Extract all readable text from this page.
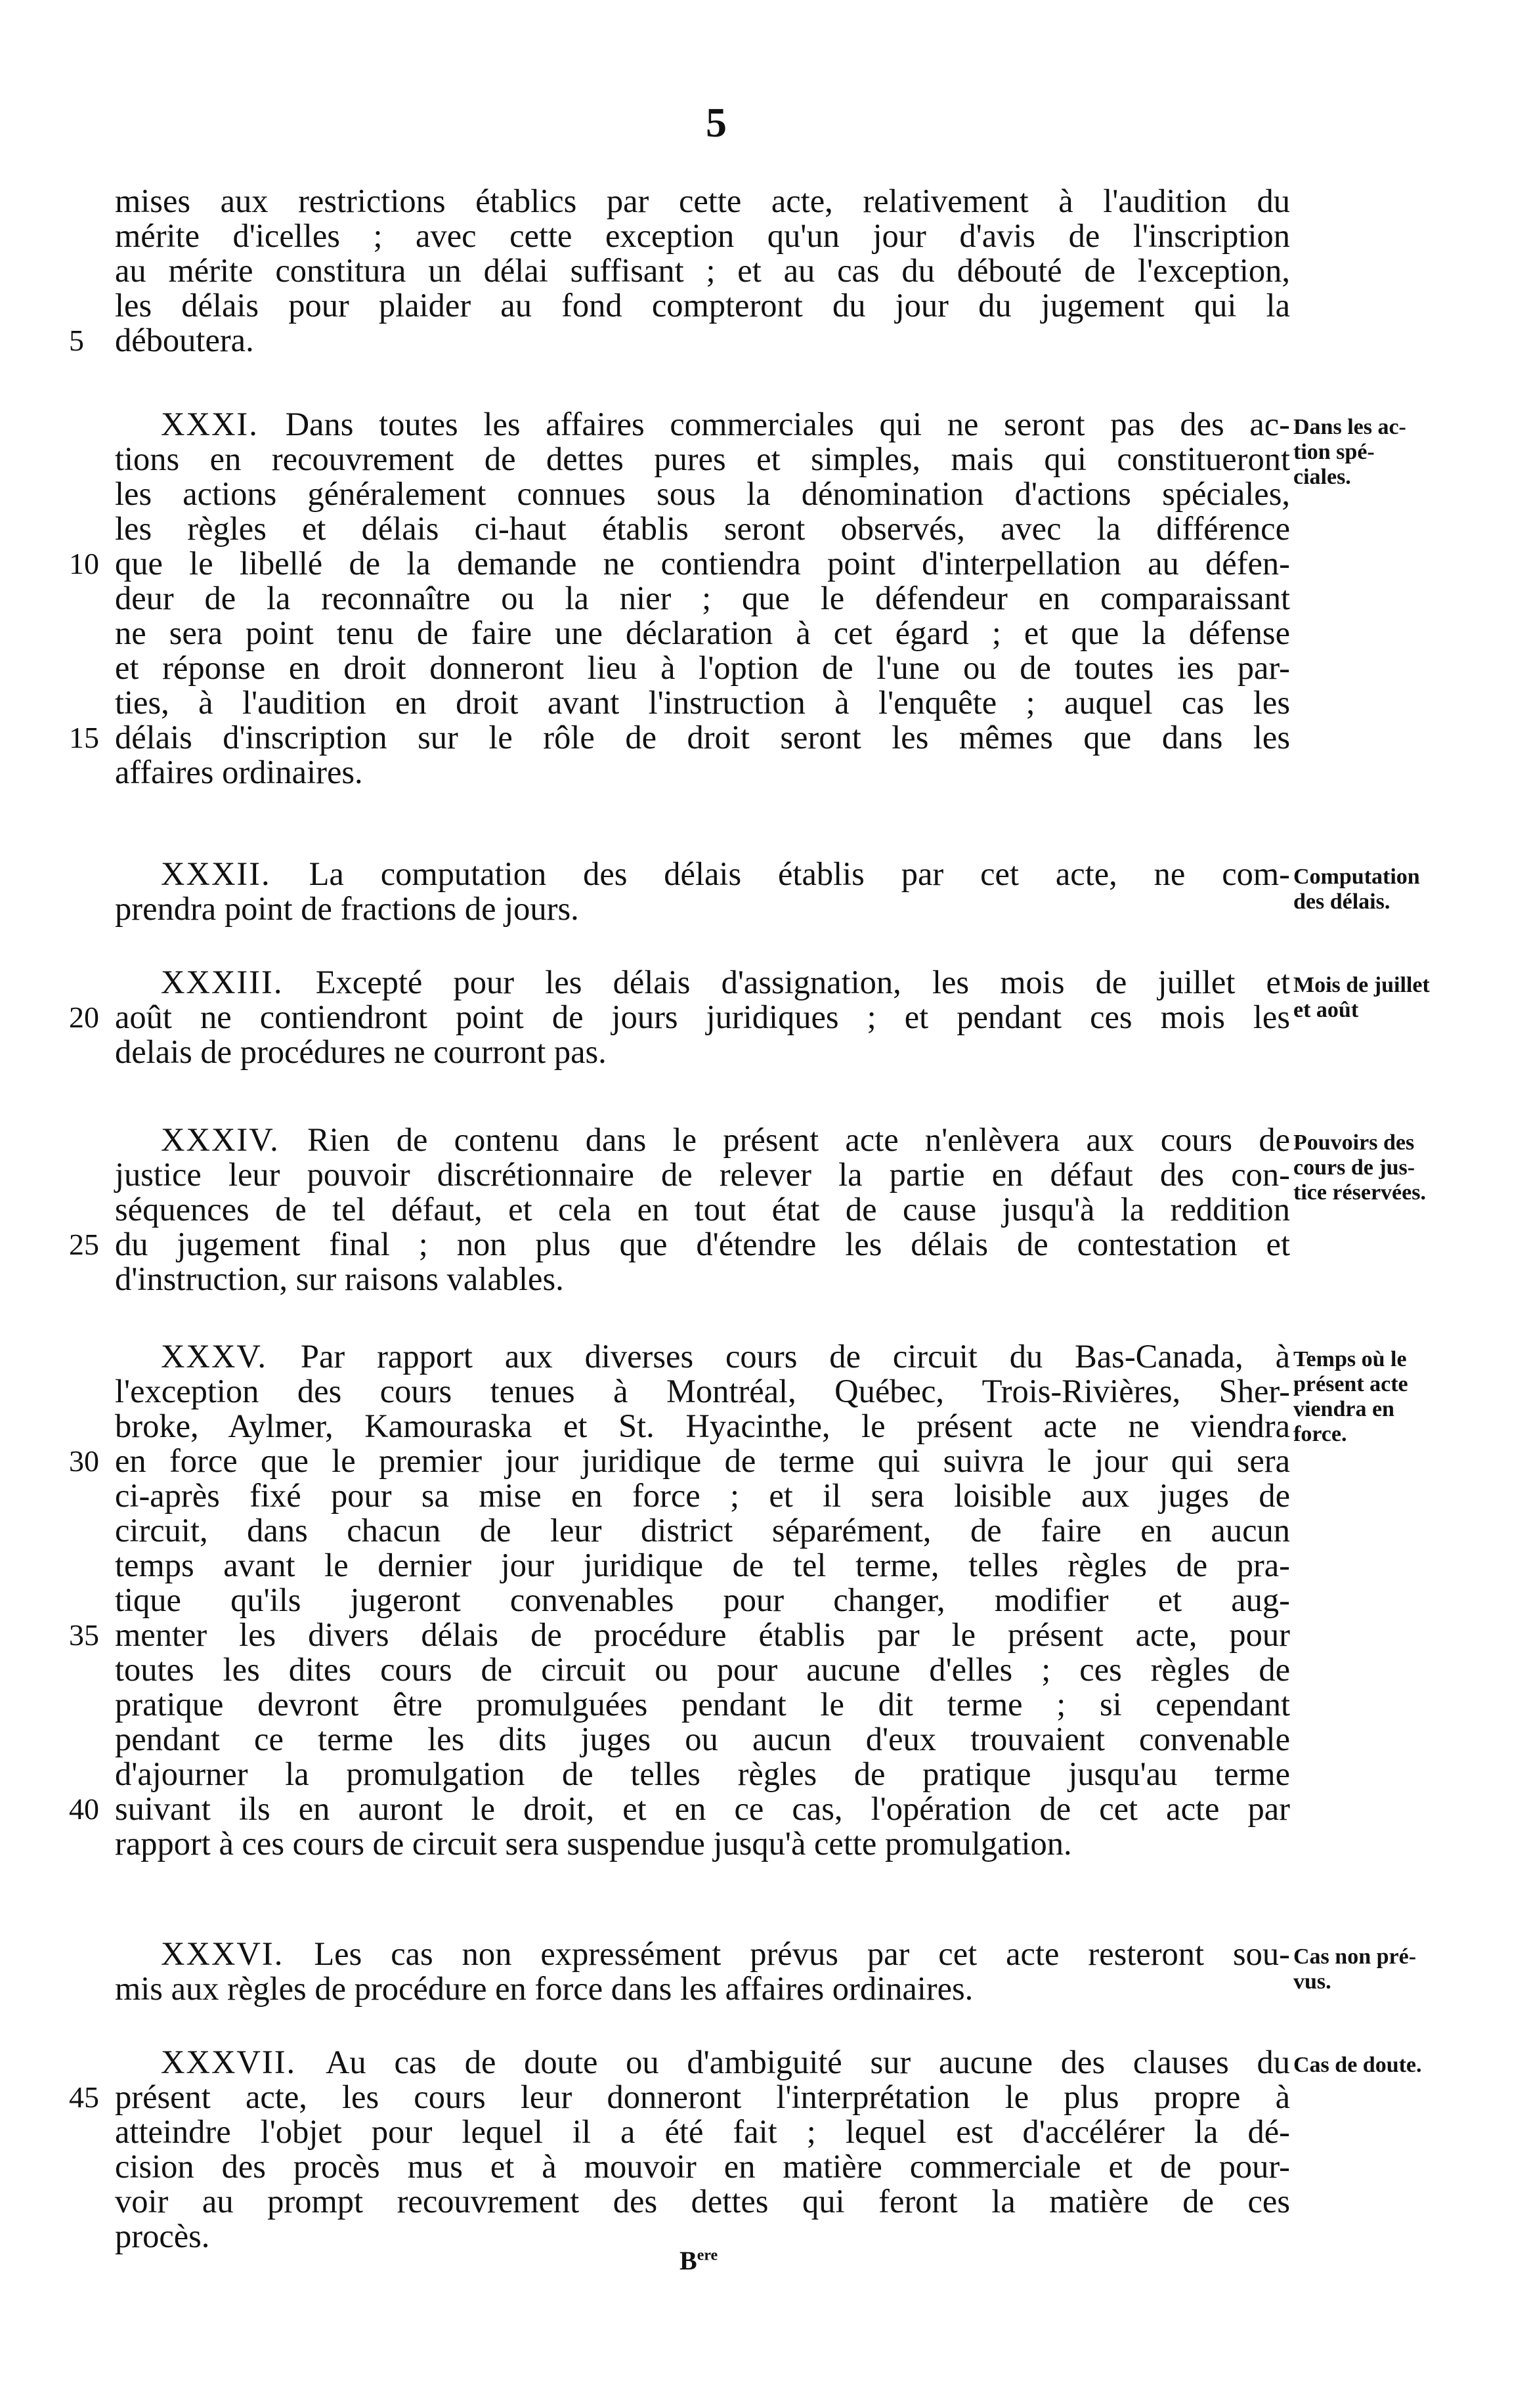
5
mises aux restrictions établics par cette acte, relativement à l'audition du
mérite d'icelles ; avec cette exception qu'un jour d'avis de l'inscription
au mérite constitura un délai suffisant ; et au cas du débouté de l'exception,
les délais pour plaider au fond compteront du jour du jugement qui la
déboutera.
5
XXXI. Dans toutes les affaires commerciales qui ne seront pas des ac-
tions en recouvrement de dettes pures et simples, mais qui constitueront
les actions généralement connues sous la dénomination d'actions spéciales,
les règles et délais ci-haut établis seront observés, avec la différence
que le libellé de la demande ne contiendra point d'interpellation au défen-
10
deur de la reconnaître ou la nier ; que le défendeur en comparaissant
ne sera point tenu de faire une déclaration à cet égard ; et que la défense
et réponse en droit donneront lieu à l'option de l'une ou de toutes ies par-
ties, à l'audition en droit avant l'instruction à l'enquête ; auquel cas les
délais d'inscription sur le rôle de droit seront les mêmes que dans les
15
affaires ordinaires.
XXXII. La computation des délais établis par cet acte, ne com-
prendra point de fractions de jours.
XXXIII. Excepté pour les délais d'assignation, les mois de juillet et
août ne contiendront point de jours juridiques ; et pendant ces mois les
20
delais de procédures ne courront pas.
XXXIV. Rien de contenu dans le présent acte n'enlèvera aux cours de
justice leur pouvoir discrétionnaire de relever la partie en défaut des con-
séquences de tel défaut, et cela en tout état de cause jusqu'à la reddition
du jugement final ; non plus que d'étendre les délais de contestation et
25
d'instruction, sur raisons valables.
XXXV. Par rapport aux diverses cours de circuit du Bas-Canada, à
l'exception des cours tenues à Montréal, Québec, Trois-Rivières, Sher-
broke, Aylmer, Kamouraska et St. Hyacinthe, le présent acte ne viendra
en force que le premier jour juridique de terme qui suivra le jour qui sera
30
ci-après fixé pour sa mise en force ; et il sera loisible aux juges de
circuit, dans chacun de leur district séparément, de faire en aucun
temps avant le dernier jour juridique de tel terme, telles règles de pra-
tique qu'ils jugeront convenables pour changer, modifier et aug-
menter les divers délais de procédure établis par le présent acte, pour
35
toutes les dites cours de circuit ou pour aucune d'elles ; ces règles de
pratique devront être promulguées pendant le dit terme ; si cependant
pendant ce terme les dits juges ou aucun d'eux trouvaient convenable
d'ajourner la promulgation de telles règles de pratique jusqu'au terme
suivant ils en auront le droit, et en ce cas, l'opération de cet acte par
40
rapport à ces cours de circuit sera suspendue jusqu'à cette promulgation.
XXXVI. Les cas non expressément prévus par cet acte resteront sou-
mis aux règles de procédure en force dans les affaires ordinaires.
XXXVII. Au cas de doute ou d'ambiguité sur aucune des clauses du
présent acte, les cours leur donneront l'interprétation le plus propre à
45
atteindre l'objet pour lequel il a été fait ; lequel est d'accélérer la dé-
cision des procès mus et à mouvoir en matière commerciale et de pour-
voir au prompt recouvrement des dettes qui feront la matière de ces
procès.
$B^{ere}$
Dans les ac-
tion spé-
ciales.
Computation
des délais.
Mois de juillet
et août
Pouvoirs des
cours de jus-
tice réservées.
Temps où le
présent acte
viendra en
force.
Cas non pré-
vus.
Cas de doute.
